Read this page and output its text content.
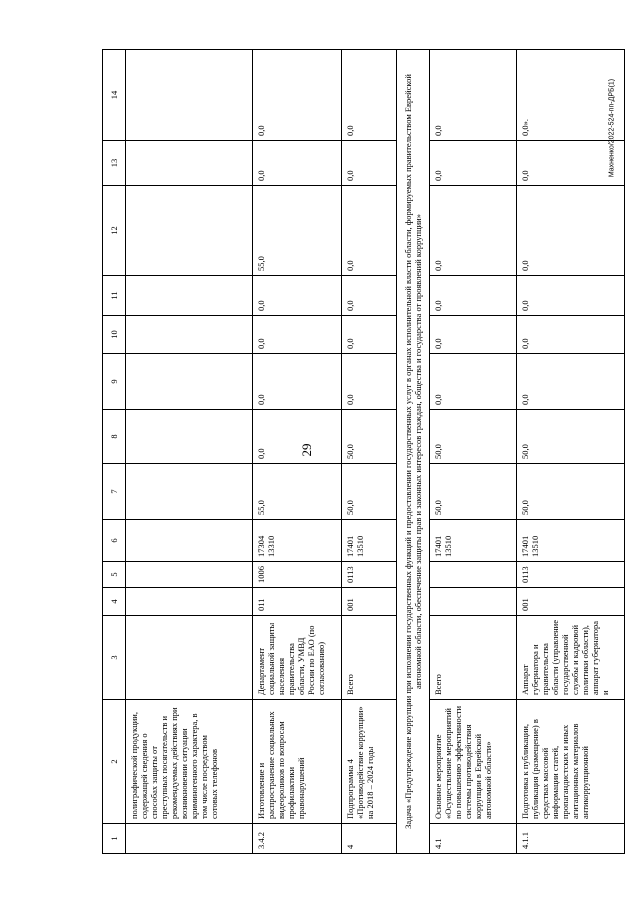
29
Махненко/2022-524-пп-ДРБ(1)
1	2	3	4	5	6	7	8	9	10	11	12	13	14
	полиграфической продукции, содержащей сведения о способах защиты от преступных посягательств и рекомендуемых действиях при возникновении ситуации криминогенного характера, в том числе посредством сотовых телефонов												
3.4.2	Изготовление и распространение социальных видеороликов по вопросам профилактики правонарушений	Департамент социальной защиты населения правительства области, УМВД России по ЕАО (по согласованию)	011	1006	17304 13310	55,0	0,0	0,0	0,0	0,0	55,0	0,0	0,0
4	Подпрограмма 4 «Противодействие коррупции» на 2018 – 2024 годы	Всего	001	0113	17401 13510	50,0	50,0	0,0	0,0	0,0	0,0	0,0	0,0
Задача «Предупреждение коррупции при исполнении государственных функций и предоставлении государственных услуг в органах исполнительной власти области, формируемых правительством Еврейской автономной области, обеспечение защиты прав и законных интересов граждан, общества и государства от проявлений коррупции»													
4.1	Основное мероприятие «Осуществление мероприятий по повышению эффективности системы противодействия коррупции в Еврейской автономной области»	Всего			17401 13510	50,0	50,0	0,0	0,0	0,0	0,0	0,0	0,0
4.1.1	Подготовка к публикации, публикация (размещение) в средствах массовой информации статей, пропагандистских и иных агитационных материалов антикоррупционной	Аппарат губернатора и правительства области (управление государственной службы и кадровой политики области), аппарат губернатора и	001	0113	17401 13510	50,0	50,0	0,0	0,0	0,0	0,0	0,0	0,0».
